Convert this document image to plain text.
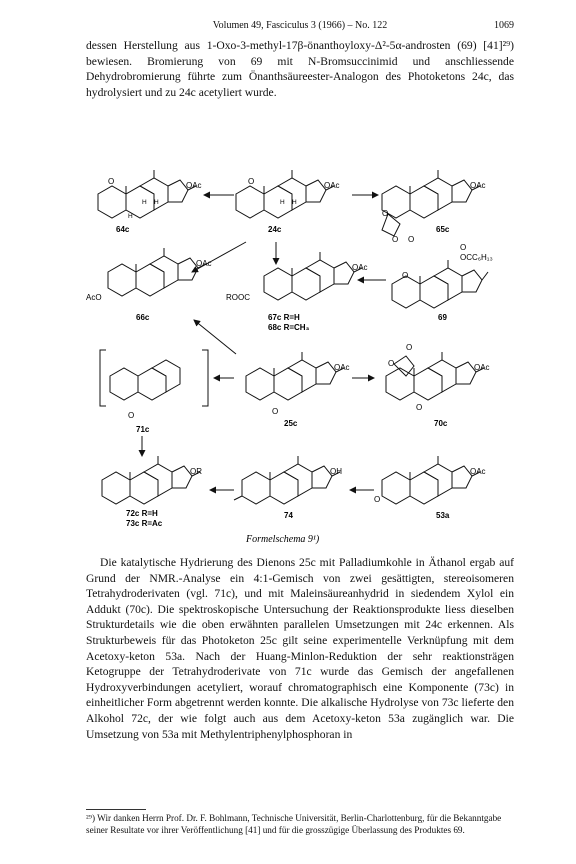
Volumen 49, Fasciculus 3 (1966) – No. 122	1069

dessen Herstellung aus 1-Oxo-3-methyl-17β-önanthoyloxy-Δ²-5α-androsten (69) [41]²⁹) bewiesen. Bromierung von 69 mit N-Bromsuccinimid und anschliessende Dehydrobromierung führte zum Önanthsäureester-Analogon des Photoketons 24c, das hydrolysiert und zu 24c acetyliert wurde.

OAc
O
H H
H
64c
OAc
O
H H
24c
OAc
O
O
O
65c
OAc
AcO
66c
OAc
ROOC
67c R=H
68c R=CH₃
O
OCC₆H₁₃
O
69
O
71c
OAc
O
25c
OAc
O
O
O
70c
OR
72c R=H
73c R=Ac
OH
74
OAc
O
53a
Formelschema 9¹)

Die katalytische Hydrierung des Dienons 25c mit Palladiumkohle in Äthanol ergab auf Grund der NMR.-Analyse ein 4:1-Gemisch von zwei gesättigten, stereoisomeren Tetrahydroderivaten (vgl. 71c), und mit Maleinsäureanhydrid in siedendem Xylol ein Addukt (70c). Die spektroskopische Untersuchung der Reaktionsprodukte liess dieselben Strukturdetails wie die oben erwähnten parallelen Umsetzungen mit 24c erkennen. Als Strukturbeweis für das Photoketon 25c gilt seine experimentelle Verknüpfung mit dem Acetoxy-keton 53a. Nach der Huang-Minlon-Reduktion der sehr reaktionsträgen Ketogruppe der Tetrahydroderivate von 71c wurde das Gemisch der angefallenen Hydroxyverbindungen acetyliert, worauf chromatographisch eine Komponente (73c) in einheitlicher Form abgetrennt werden konnte. Die alkalische Hydrolyse von 73c lieferte den Alkohol 72c, der wie folgt auch aus dem Acetoxy-keton 53a zugänglich war. Die Umsetzung von 53a mit Methylentriphenylphosphoran in

²⁹) Wir danken Herrn Prof. Dr. F. Bohlmann, Technische Universität, Berlin-Charlottenburg, für die Bekanntgabe seiner Resultate vor ihrer Veröffentlichung [41] und für die grosszügige Überlassung des Produktes 69.
